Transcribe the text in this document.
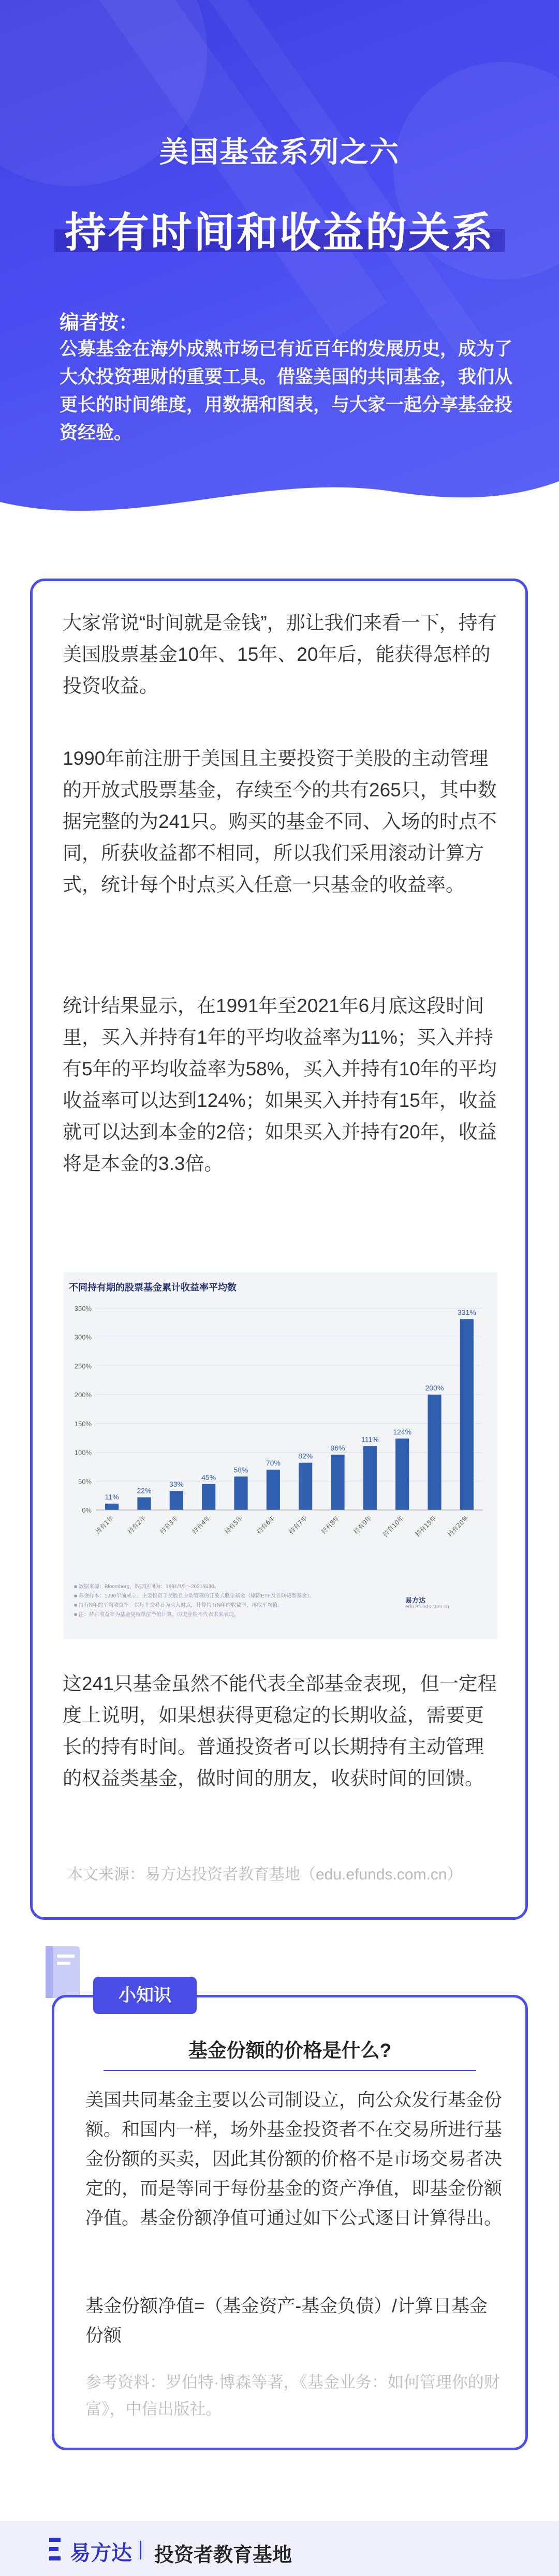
美国基金系列之六
持有时间和收益的关系
编者按：
公募基金在海外成熟市场已有近百年的发展历史，成为了大众投资理财的重要工具。借鉴美国的共同基金，我们从更长的时间维度，用数据和图表，与大家一起分享基金投资经验。
大家常说“时间就是金钱”，那让我们来看一下，持有美国股票基金10年、15年、20年后，能获得怎样的投资收益。
1990年前注册于美国且主要投资于美股的主动管理的开放式股票基金，存续至今的共有265只，其中数据完整的为241只。购买的基金不同、入场的时点不同，所获收益都不相同，所以我们采用滚动计算方式，统计每个时点买入任意一只基金的收益率。
统计结果显示，在1991年至2021年6月底这段时间里，买入并持有1年的平均收益率为11%；买入并持有5年的平均收益率为58%，买入并持有10年的平均收益率可以达到124%；如果买入并持有15年，收益就可以达到本金的2倍；如果买入并持有20年，收益将是本金的3.3倍。
不同持有期的股票基金累计收益率平均数
0%
50%
100%
150%
200%
250%
300%
350%
11%
持有1年
22%
持有2年
33%
持有3年
45%
持有4年
58%
持有5年
70%
持有6年
82%
持有7年
96%
持有8年
111%
持有9年
124%
持有10年
200%
持有15年
331%
持有20年
■ 数据来源：Bloomberg，数据区间为：1991/1/2～2021/6/30。
■ 基金样本：1990年前成立、主要投资于美股且主动管理的开放式股票基金（剔除ETF及非联接型基金）。
■ 持有N年的平均收益率：以每个交易日为买入时点，计算持有N年的收益率，再取平均值。
■ 注：持有收益率为基金复权单位净值计算。历史业绩不代表未来表现。
易方达
edu.efunds.com.cn
这241只基金虽然不能代表全部基金表现，但一定程度上说明，如果想获得更稳定的长期收益，需要更长的持有时间。普通投资者可以长期持有主动管理的权益类基金，做时间的朋友，收获时间的回馈。
本文来源：易方达投资者教育基地（edu.efunds.com.cn）
基金份额的价格是什么?
美国共同基金主要以公司制设立，向公众发行基金份额。和国内一样，场外基金投资者不在交易所进行基金份额的买卖，因此其份额的价格不是市场交易者决定的，而是等同于每份基金的资产净值，即基金份额净值。基金份额净值可通过如下公式逐日计算得出。
基金份额净值=（基金资产-基金负债）/计算日基金份额
参考资料：罗伯特·博森等著，《基金业务：如何管理你的财富》，中信出版社。
小知识
易方达 投资者教育基地
